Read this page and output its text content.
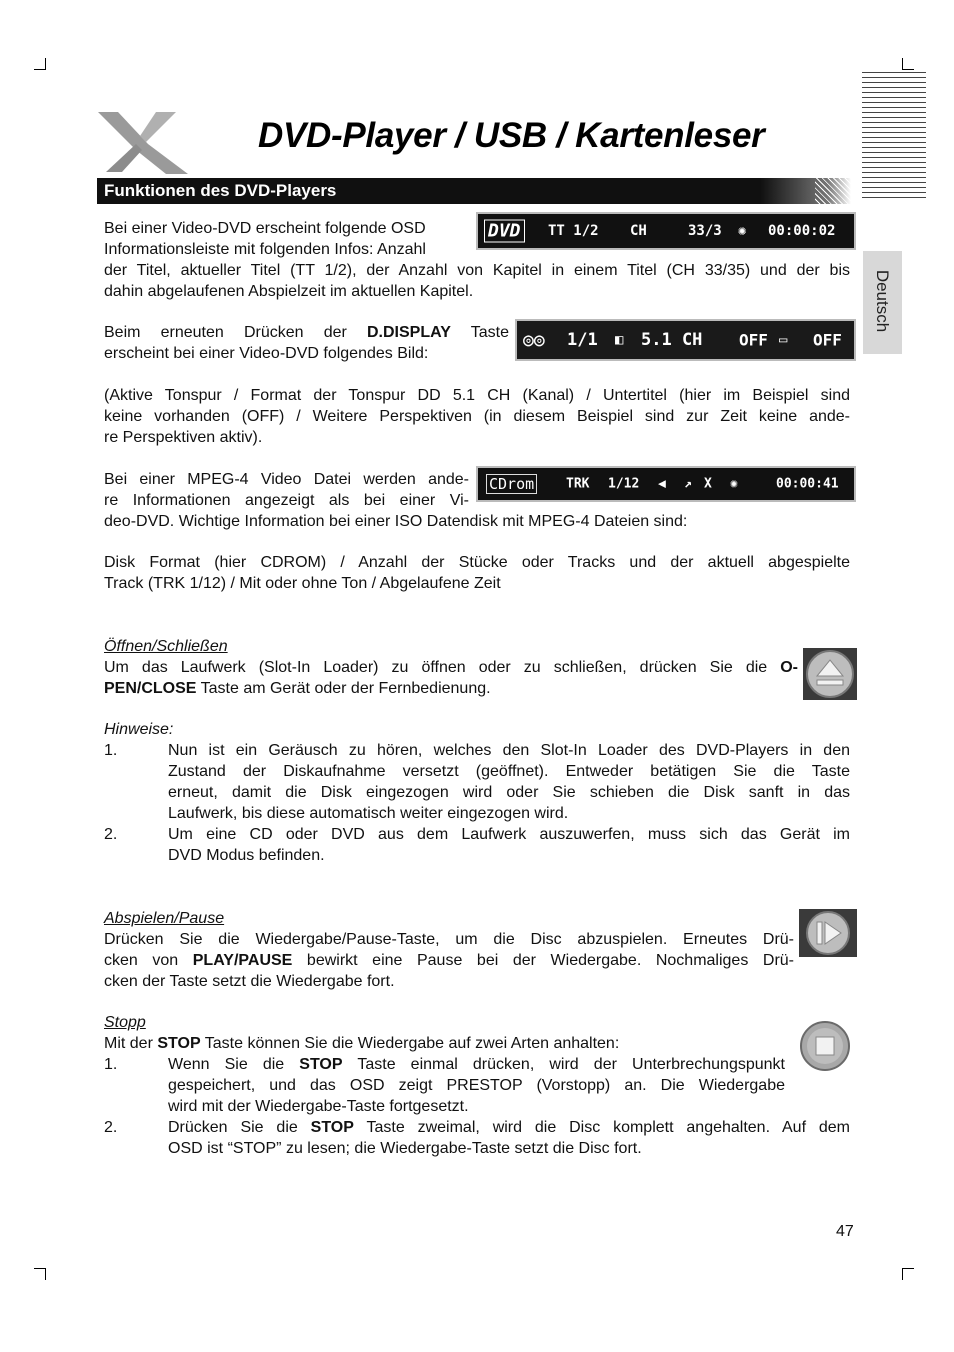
Deutsch
DVD-Player / USB / Kartenleser
Funktionen des DVD-Players
DVD TT 1/2 CH	33/3 ✺ 00:00:02
◎◎ 1/1 ◧ 5.1 CH OFF ▭ OFF
CDrom TRK 1/12 ◀ ↗ X ✺	00:00:41
Bei einer Video-DVD erscheint folgende OSD
Informationsleiste mit folgenden Infos: Anzahl
der Titel, aktueller Titel (TT 1/2), der Anzahl von Kapitel in einem Titel (CH 33/35) und der bis
dahin abgelaufenen Abspielzeit im aktuellen Kapitel.
Beim erneuten Drücken der D.DISPLAY Taste
erscheint bei einer Video-DVD folgendes Bild:
(Aktive Tonspur / Format der Tonspur DD 5.1 CH (Kanal) / Untertitel (hier im Beispiel sind
keine vorhanden (OFF) / Weitere Perspektiven (in diesem Beispiel sind zur Zeit keine ande-
re Perspektiven aktiv).
Bei einer MPEG-4 Video Datei werden ande-
re Informationen angezeigt als bei einer Vi-
deo-DVD. Wichtige Information bei einer ISO Datendisk mit MPEG-4 Dateien sind:
Disk Format (hier CDROM) / Anzahl der Stücke oder Tracks und der aktuell abgespielte
Track (TRK 1/12) / Mit oder ohne Ton / Abgelaufene Zeit
Öffnen/Schließen
Um das Laufwerk (Slot-In Loader) zu öffnen oder zu schließen, drücken Sie die O-
PEN/CLOSE Taste am Gerät oder der Fernbedienung.
Hinweise:
1.	Nun ist ein Geräusch zu hören, welches den Slot-In Loader des DVD-Players in den
Zustand der Diskaufnahme versetzt (geöffnet). Entweder betätigen Sie die Taste
erneut, damit die Disk eingezogen wird oder Sie schieben die Disk sanft in das
Laufwerk, bis diese automatisch weiter eingezogen wird.
2.	Um eine CD oder DVD aus dem Laufwerk auszuwerfen, muss sich das Gerät im
DVD Modus befinden.
Abspielen/Pause
Drücken Sie die Wiedergabe/Pause-Taste, um die Disc abzuspielen. Erneutes Drü-
cken von PLAY/PAUSE bewirkt eine Pause bei der Wiedergabe. Nochmaliges Drü-
cken der Taste setzt die Wiedergabe fort.
Stopp
Mit der STOP Taste können Sie die Wiedergabe auf zwei Arten anhalten:
1.	Wenn Sie die STOP Taste einmal drücken, wird der Unterbrechungspunkt
gespeichert, und das OSD zeigt PRESTOP (Vorstopp) an. Die Wiedergabe
wird mit der Wiedergabe-Taste fortgesetzt.
2.	Drücken Sie die STOP Taste zweimal, wird die Disc komplett angehalten. Auf dem
OSD ist “STOP” zu lesen; die Wiedergabe-Taste setzt die Disc fort.
47
